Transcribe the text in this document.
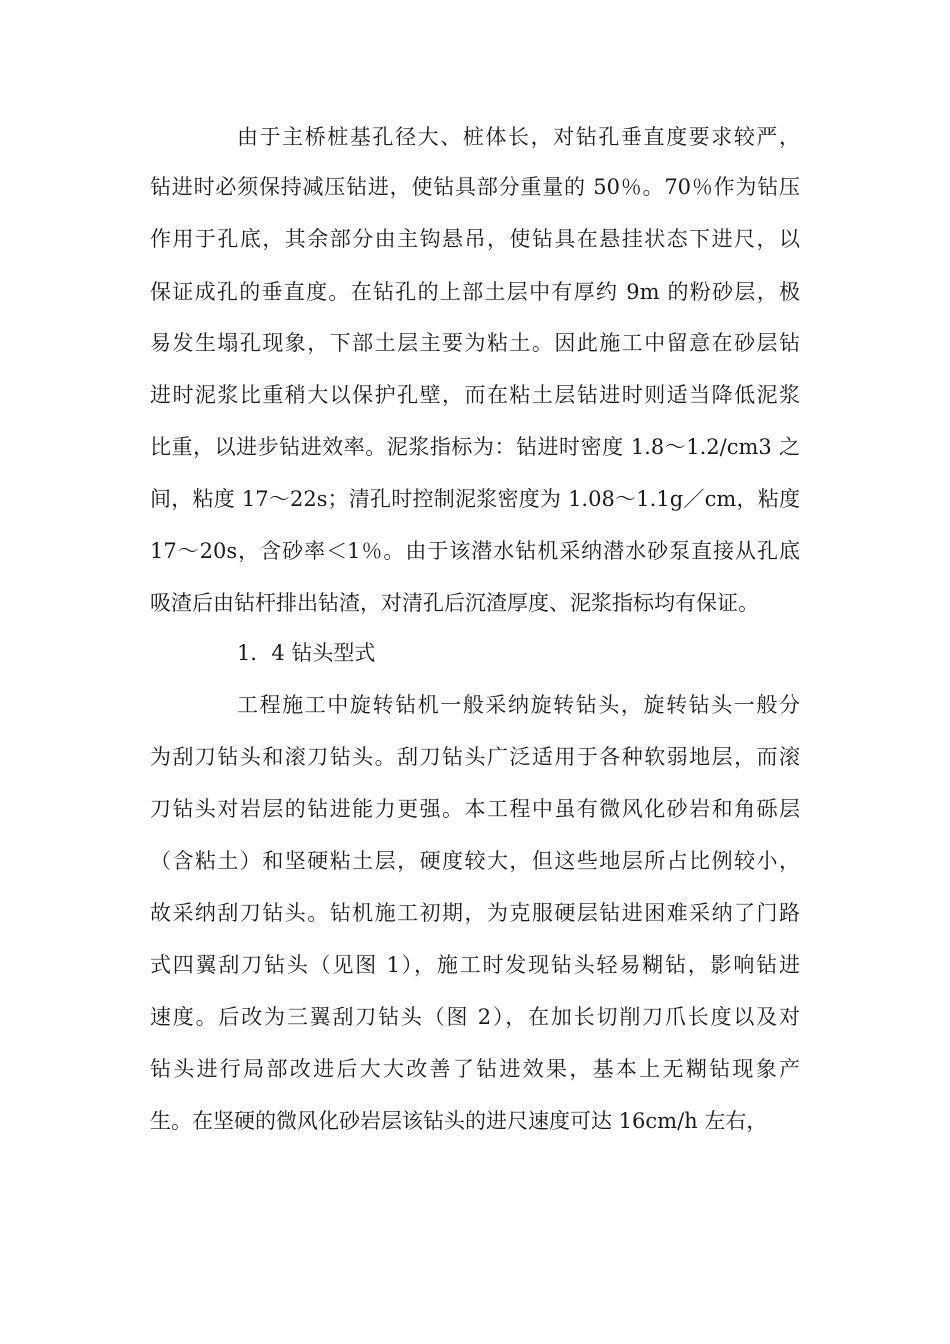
由于主桥桩基孔径大、桩体长，对钻孔垂直度要求较严，
钻进时必须保持减压钻进，使钻具部分重量的 50％。70％作为钻压
作用于孔底，其余部分由主钩悬吊，使钻具在悬挂状态下进尺，以
保证成孔的垂直度。在钻孔的上部土层中有厚约 9m 的粉砂层，极
易发生塌孔现象，下部土层主要为粘土。因此施工中留意在砂层钻
进时泥浆比重稍大以保护孔壁，而在粘土层钻进时则适当降低泥浆
比重，以进步钻进效率。泥浆指标为：钻进时密度 1.8～1.2/cm3 之
间，粘度 17～22s；清孔时控制泥浆密度为 1.08～1.1g／cm，粘度
17～20s，含砂率＜1％。由于该潜水钻机采纳潜水砂泵直接从孔底
吸渣后由钻杆排出钻渣，对清孔后沉渣厚度、泥浆指标均有保证。
1．4 钻头型式
工程施工中旋转钻机一般采纳旋转钻头，旋转钻头一般分
为刮刀钻头和滚刀钻头。刮刀钻头广泛适用于各种软弱地层，而滚
刀钻头对岩层的钻进能力更强。本工程中虽有微风化砂岩和角砾层
（含粘土）和坚硬粘土层，硬度较大，但这些地层所占比例较小，
故采纳刮刀钻头。钻机施工初期，为克服硬层钻进困难采纳了门路
式四翼刮刀钻头（见图 1），施工时发现钻头轻易糊钻，影响钻进
速度。后改为三翼刮刀钻头（图 2），在加长切削刀爪长度以及对
钻头进行局部改进后大大改善了钻进效果，基本上无糊钻现象产
生。在坚硬的微风化砂岩层该钻头的进尺速度可达 16cm/h 左右，
